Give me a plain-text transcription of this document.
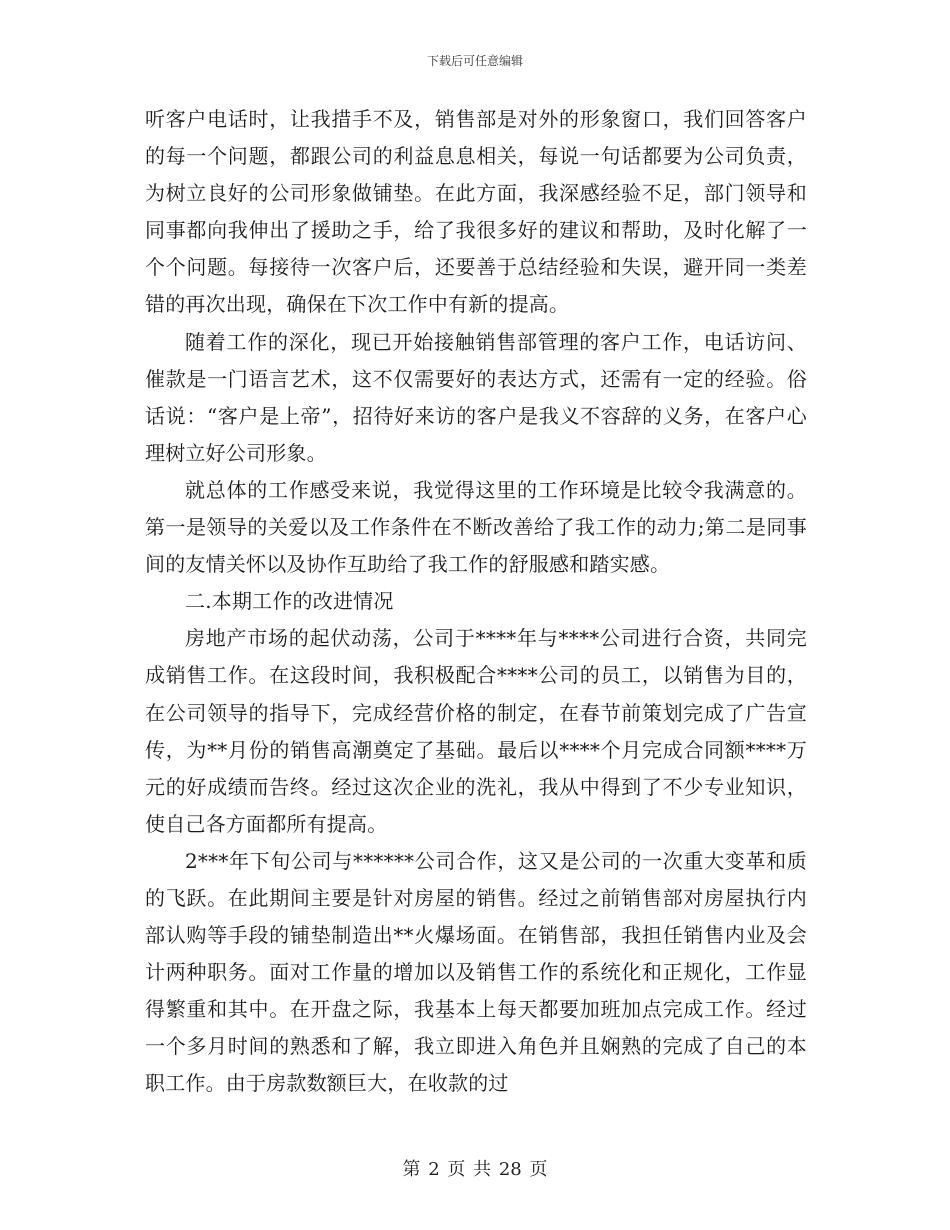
下载后可任意编辑

听客户电话时，让我措手不及，销售部是对外的形象窗口，我们回答客户的每一个问题，都跟公司的利益息息相关，每说一句话都要为公司负责，为树立良好的公司形象做铺垫。在此方面，我深感经验不足，部门领导和同事都向我伸出了援助之手，给了我很多好的建议和帮助，及时化解了一个个问题。每接待一次客户后，还要善于总结经验和失误，避开同一类差错的再次出现，确保在下次工作中有新的提高。

随着工作的深化，现已开始接触销售部管理的客户工作，电话访问、催款是一门语言艺术，这不仅需要好的表达方式，还需有一定的经验。俗话说：“客户是上帝”，招待好来访的客户是我义不容辞的义务，在客户心理树立好公司形象。

就总体的工作感受来说，我觉得这里的工作环境是比较令我满意的。第一是领导的关爱以及工作条件在不断改善给了我工作的动力;第二是同事间的友情关怀以及协作互助给了我工作的舒服感和踏实感。

二.本期工作的改进情况

房地产市场的起伏动荡，公司于****年与****公司进行合资，共同完成销售工作。在这段时间，我积极配合****公司的员工，以销售为目的，在公司领导的指导下，完成经营价格的制定，在春节前策划完成了广告宣传，为**月份的销售高潮奠定了基础。最后以****个月完成合同额****万元的好成绩而告终。经过这次企业的洗礼，我从中得到了不少专业知识，使自己各方面都所有提高。

2***年下旬公司与******公司合作，这又是公司的一次重大变革和质的飞跃。在此期间主要是针对房屋的销售。经过之前销售部对房屋执行内部认购等手段的铺垫制造出**火爆场面。在销售部，我担任销售内业及会计两种职务。面对工作量的增加以及销售工作的系统化和正规化，工作显得繁重和其中。在开盘之际，我基本上每天都要加班加点完成工作。经过一个多月时间的熟悉和了解，我立即进入角色并且娴熟的完成了自己的本职工作。由于房款数额巨大，在收款的过

第 2 页 共 28 页
